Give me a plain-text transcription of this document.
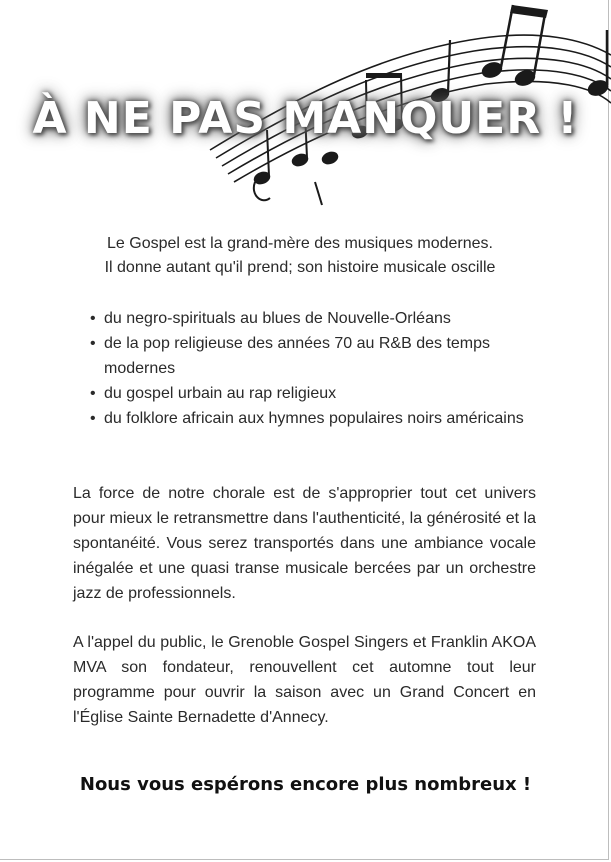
À NE PAS MANQUER !

Le Gospel est la grand-mère des musiques modernes.

Il donne autant qu'il prend; son histoire musicale oscille

• du negro-spirituals au blues de Nouvelle-Orléans
• de la pop religieuse des années 70 au R&B des temps modernes
• du gospel urbain au rap religieux
• du folklore africain aux hymnes populaires noirs américains

La force de notre chorale est de s'approprier tout cet univers pour mieux le retransmettre dans l'authenticité, la générosité et la spontanéité. Vous serez transportés dans une ambiance vocale inégalée et une quasi transe musicale bercées par un orchestre jazz de professionnels.

A l'appel du public, le Grenoble Gospel Singers et Franklin AKOA MVA son fondateur, renouvellent cet automne tout leur programme pour ouvrir la saison avec un Grand Concert en l'Église Sainte Bernadette d'Annecy.

Nous vous espérons encore plus nombreux !
